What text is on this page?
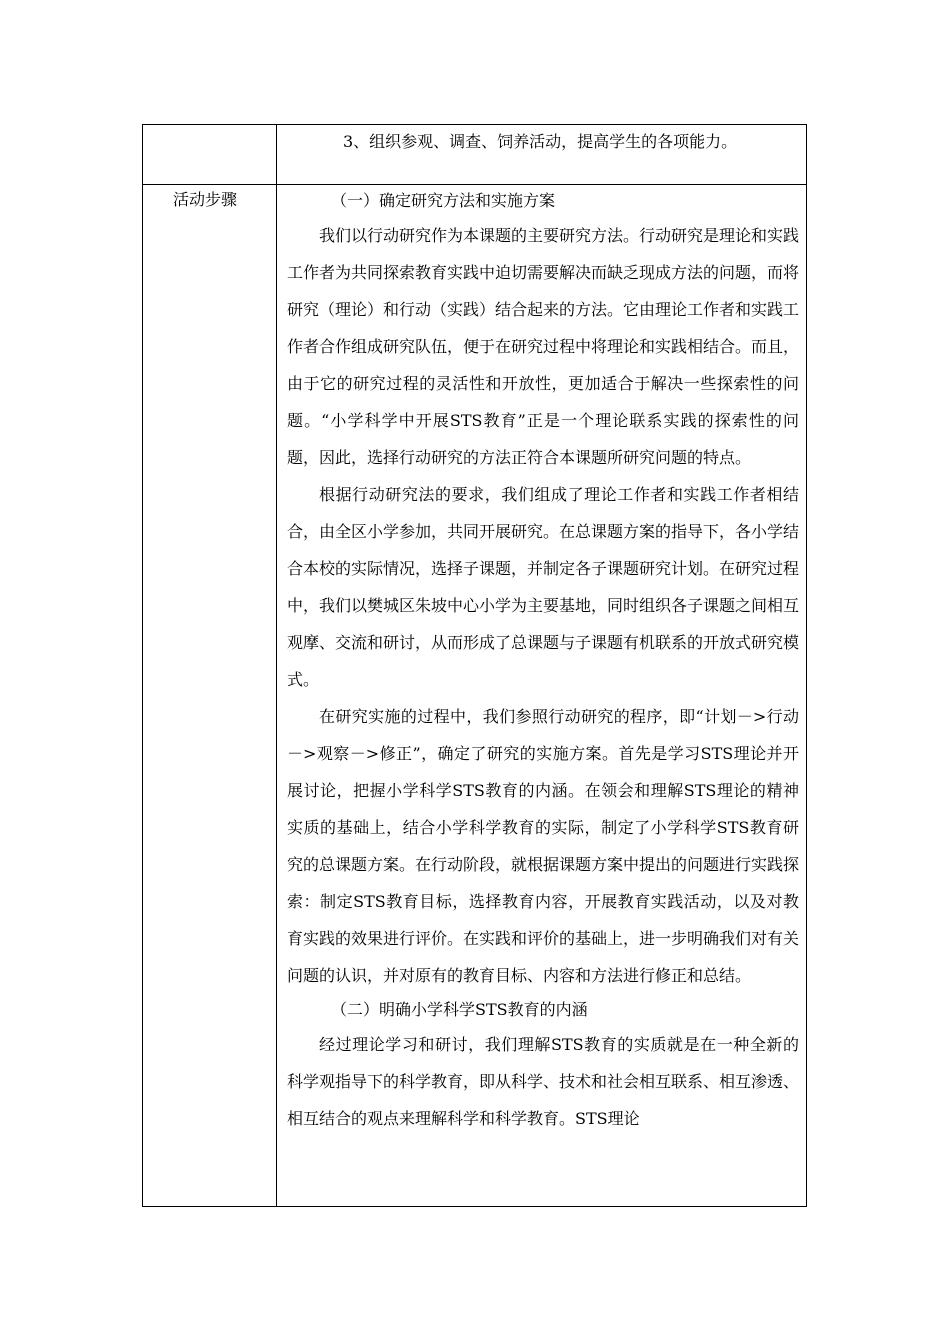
3、组织参观、调查、饲养活动，提高学生的各项能力。
活动步骤	（一）确定研究方法和实施方案

我们以行动研究作为本课题的主要研究方法。行动研究是理论和实践工作者为共同探索教育实践中迫切需要解决而缺乏现成方法的问题，而将研究（理论）和行动（实践）结合起来的方法。它由理论工作者和实践工作者合作组成研究队伍，便于在研究过程中将理论和实践相结合。而且，由于它的研究过程的灵活性和开放性，更加适合于解决一些探索性的问题。“小学科学中开展STS教育”正是一个理论联系实践的探索性的问题，因此，选择行动研究的方法正符合本课题所研究问题的特点。

根据行动研究法的要求，我们组成了理论工作者和实践工作者相结合，由全区小学参加，共同开展研究。在总课题方案的指导下，各小学结合本校的实际情况，选择子课题，并制定各子课题研究计划。在研究过程中，我们以樊城区朱坡中心小学为主要基地，同时组织各子课题之间相互观摩、交流和研讨，从而形成了总课题与子课题有机联系的开放式研究模式。

在研究实施的过程中，我们参照行动研究的程序，即“计划－>行动－>观察－>修正”，确定了研究的实施方案。首先是学习STS理论并开展讨论，把握小学科学STS教育的内涵。在领会和理解STS理论的精神实质的基础上，结合小学科学教育的实际，制定了小学科学STS教育研究的总课题方案。在行动阶段，就根据课题方案中提出的问题进行实践探索：制定STS教育目标，选择教育内容，开展教育实践活动，以及对教育实践的效果进行评价。在实践和评价的基础上，进一步明确我们对有关问题的认识，并对原有的教育目标、内容和方法进行修正和总结。

（二）明确小学科学STS教育的内涵

经过理论学习和研讨，我们理解STS教育的实质就是在一种全新的科学观指导下的科学教育，即从科学、技术和社会相互联系、相互渗透、相互结合的观点来理解科学和科学教育。STS理论
